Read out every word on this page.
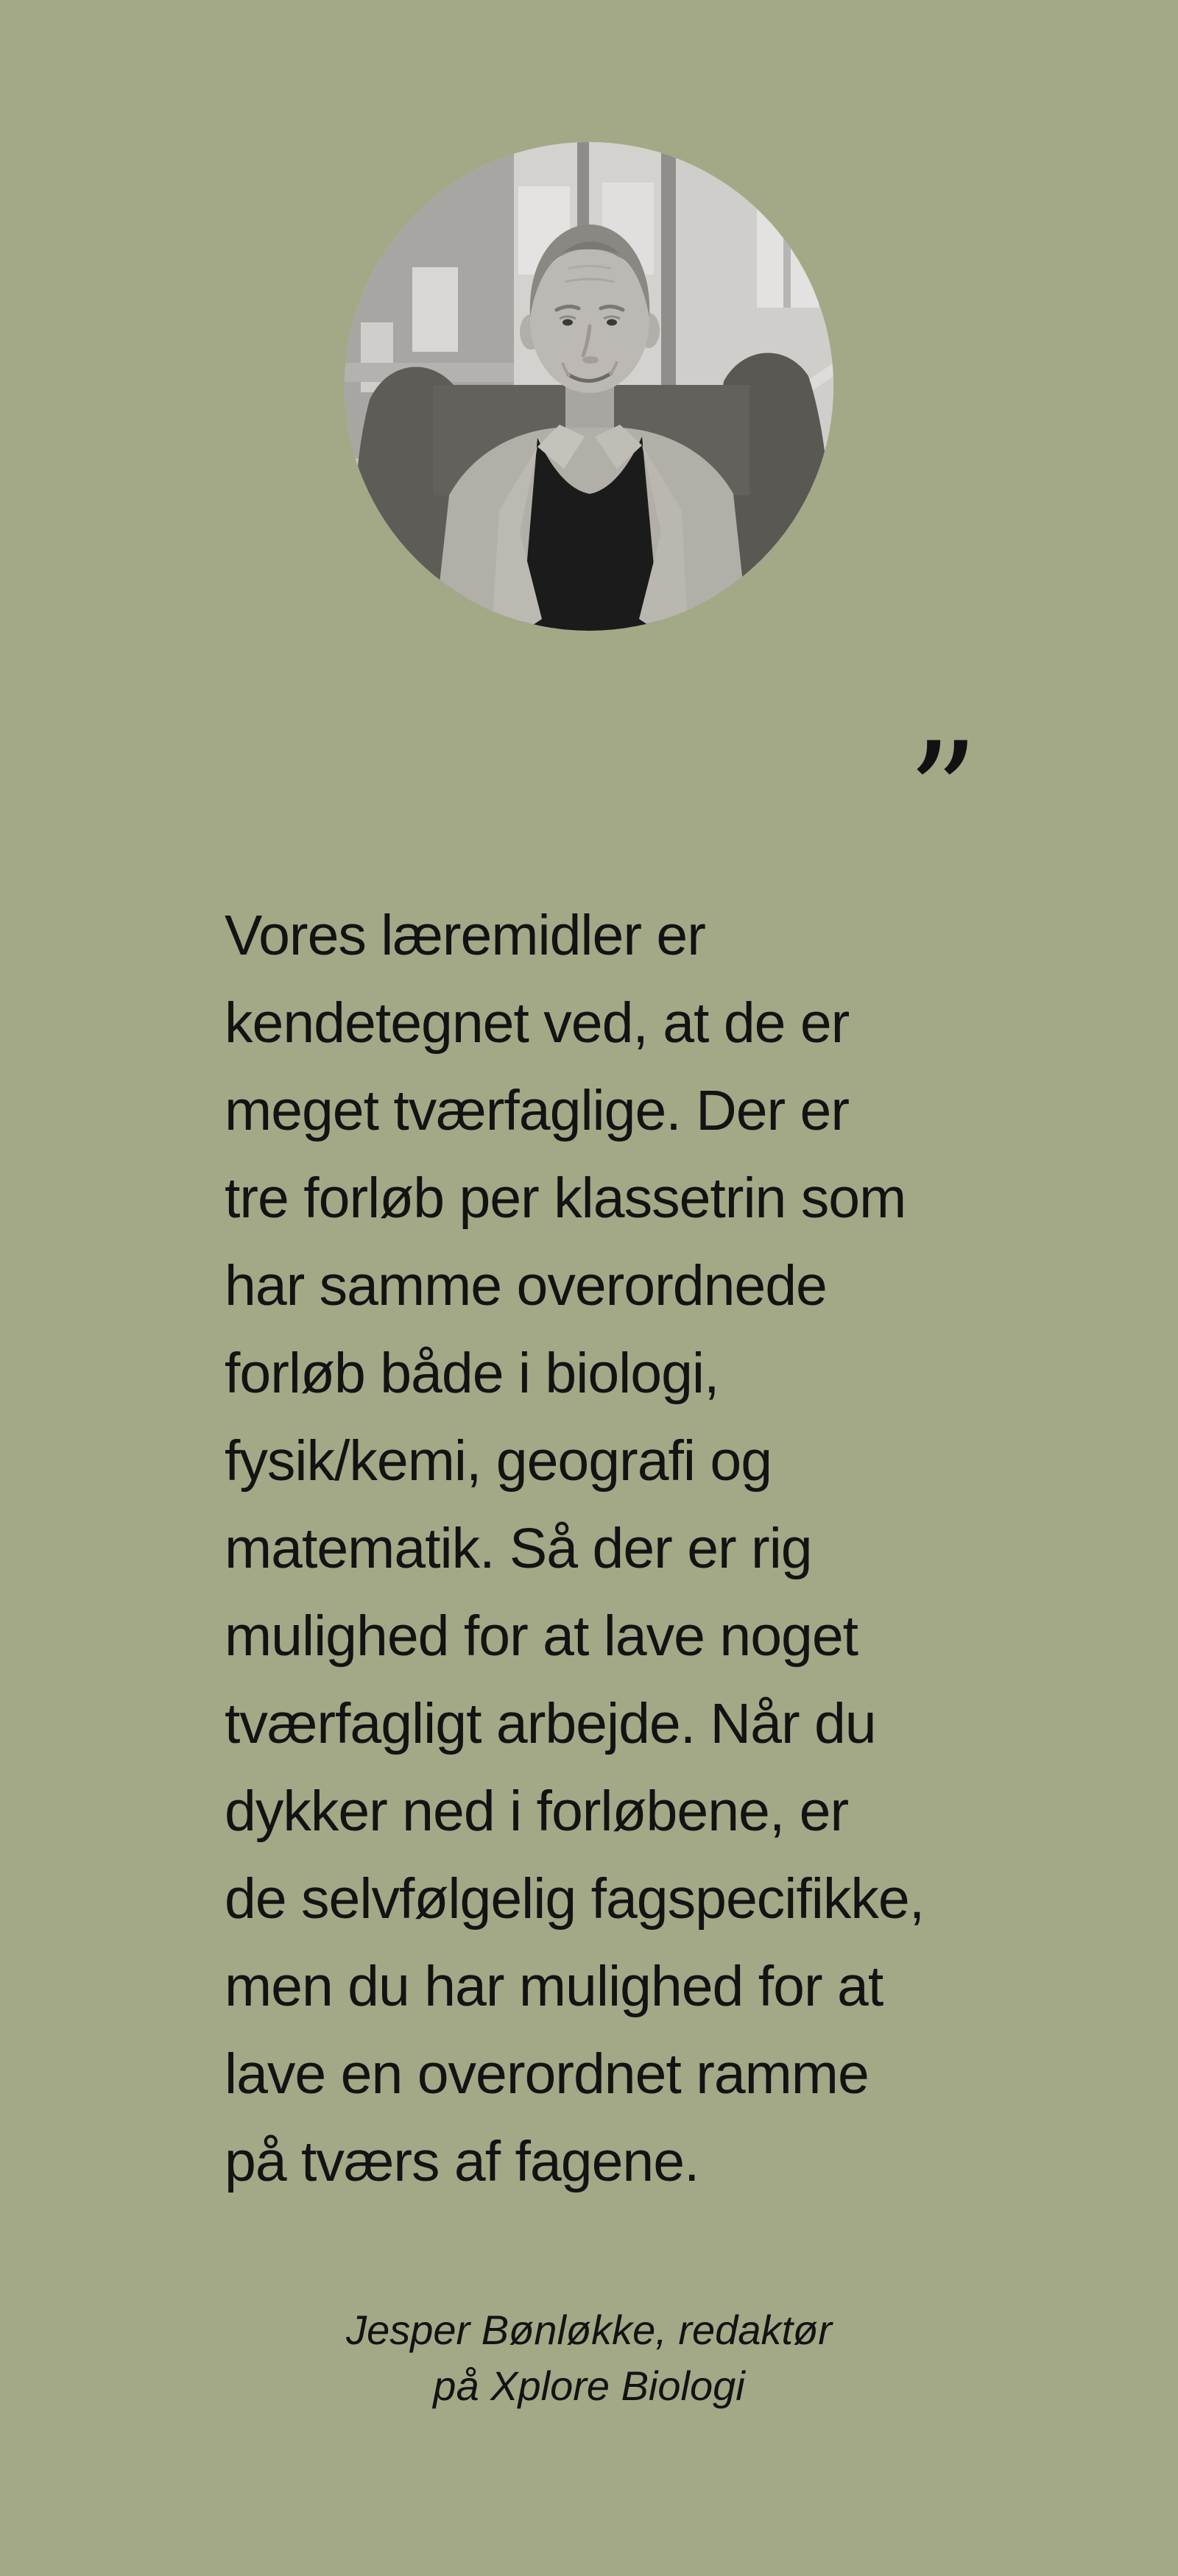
”
Vores læremidler er
kendetegnet ved, at de er
meget tværfaglige. Der er
tre forløb per klassetrin som
har samme overordnede
forløb både i biologi,
fysik/kemi, geografi og
matematik. Så der er rig
mulighed for at lave noget
tværfagligt arbejde. Når du
dykker ned i forløbene, er
de selvfølgelig fagspecifikke,
men du har mulighed for at
lave en overordnet ramme
på tværs af fagene.
Jesper Bønløkke, redaktør
på Xplore Biologi
